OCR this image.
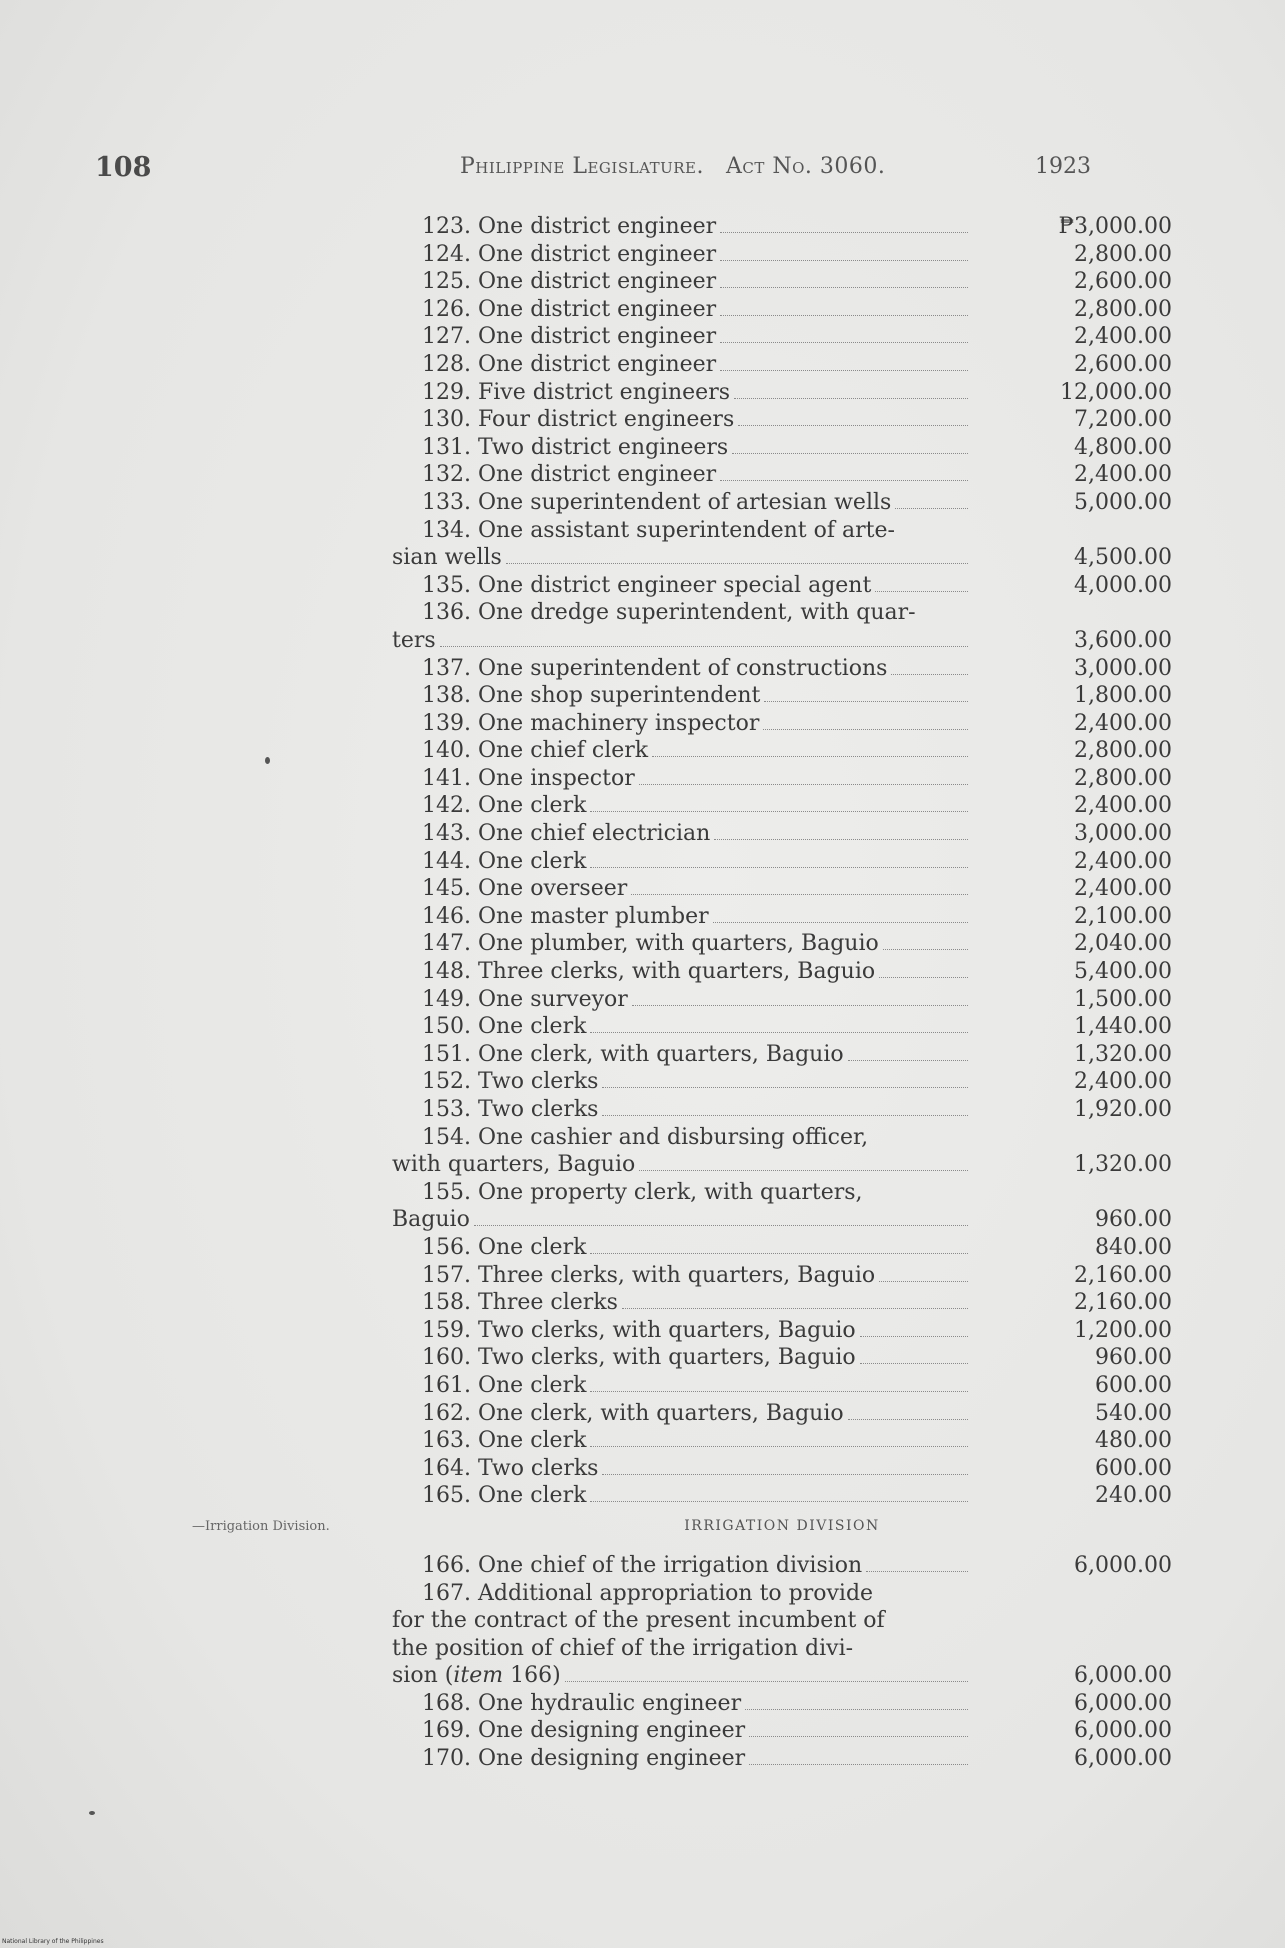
108	Philippine Legislature. Act No. 3060.	1923
123. One district engineer	₱3,000.00
124. One district engineer	2,800.00
125. One district engineer	2,600.00
126. One district engineer	2,800.00
127. One district engineer	2,400.00
128. One district engineer	2,600.00
129. Five district engineers	12,000.00
130. Four district engineers	7,200.00
131. Two district engineers	4,800.00
132. One district engineer	2,400.00
133. One superintendent of artesian wells	5,000.00
134. One assistant superintendent of arte-
sian wells	4,500.00
135. One district engineer special agent	4,000.00
136. One dredge superintendent, with quar-
ters	3,600.00
137. One superintendent of constructions	3,000.00
138. One shop superintendent	1,800.00
139. One machinery inspector	2,400.00
140. One chief clerk	2,800.00
141. One inspector	2,800.00
142. One clerk	2,400.00
143. One chief electrician	3,000.00
144. One clerk	2,400.00
145. One overseer	2,400.00
146. One master plumber	2,100.00
147. One plumber, with quarters, Baguio	2,040.00
148. Three clerks, with quarters, Baguio	5,400.00
149. One surveyor	1,500.00
150. One clerk	1,440.00
151. One clerk, with quarters, Baguio	1,320.00
152. Two clerks	2,400.00
153. Two clerks	1,920.00
154. One cashier and disbursing officer,
with quarters, Baguio	1,320.00
155. One property clerk, with quarters,
Baguio	960.00
156. One clerk	840.00
157. Three clerks, with quarters, Baguio	2,160.00
158. Three clerks	2,160.00
159. Two clerks, with quarters, Baguio	1,200.00
160. Two clerks, with quarters, Baguio	960.00
161. One clerk	600.00
162. One clerk, with quarters, Baguio	540.00
163. One clerk	480.00
164. Two clerks	600.00
165. One clerk	240.00
IRRIGATION DIVISION
166. One chief of the irrigation division	6,000.00
167. Additional appropriation to provide
for the contract of the present incumbent of
the position of chief of the irrigation divi-
sion (item 166)	6,000.00
168. One hydraulic engineer	6,000.00
169. One designing engineer	6,000.00
170. One designing engineer	6,000.00
—Irrigation Division.
National Library of the Philippines
